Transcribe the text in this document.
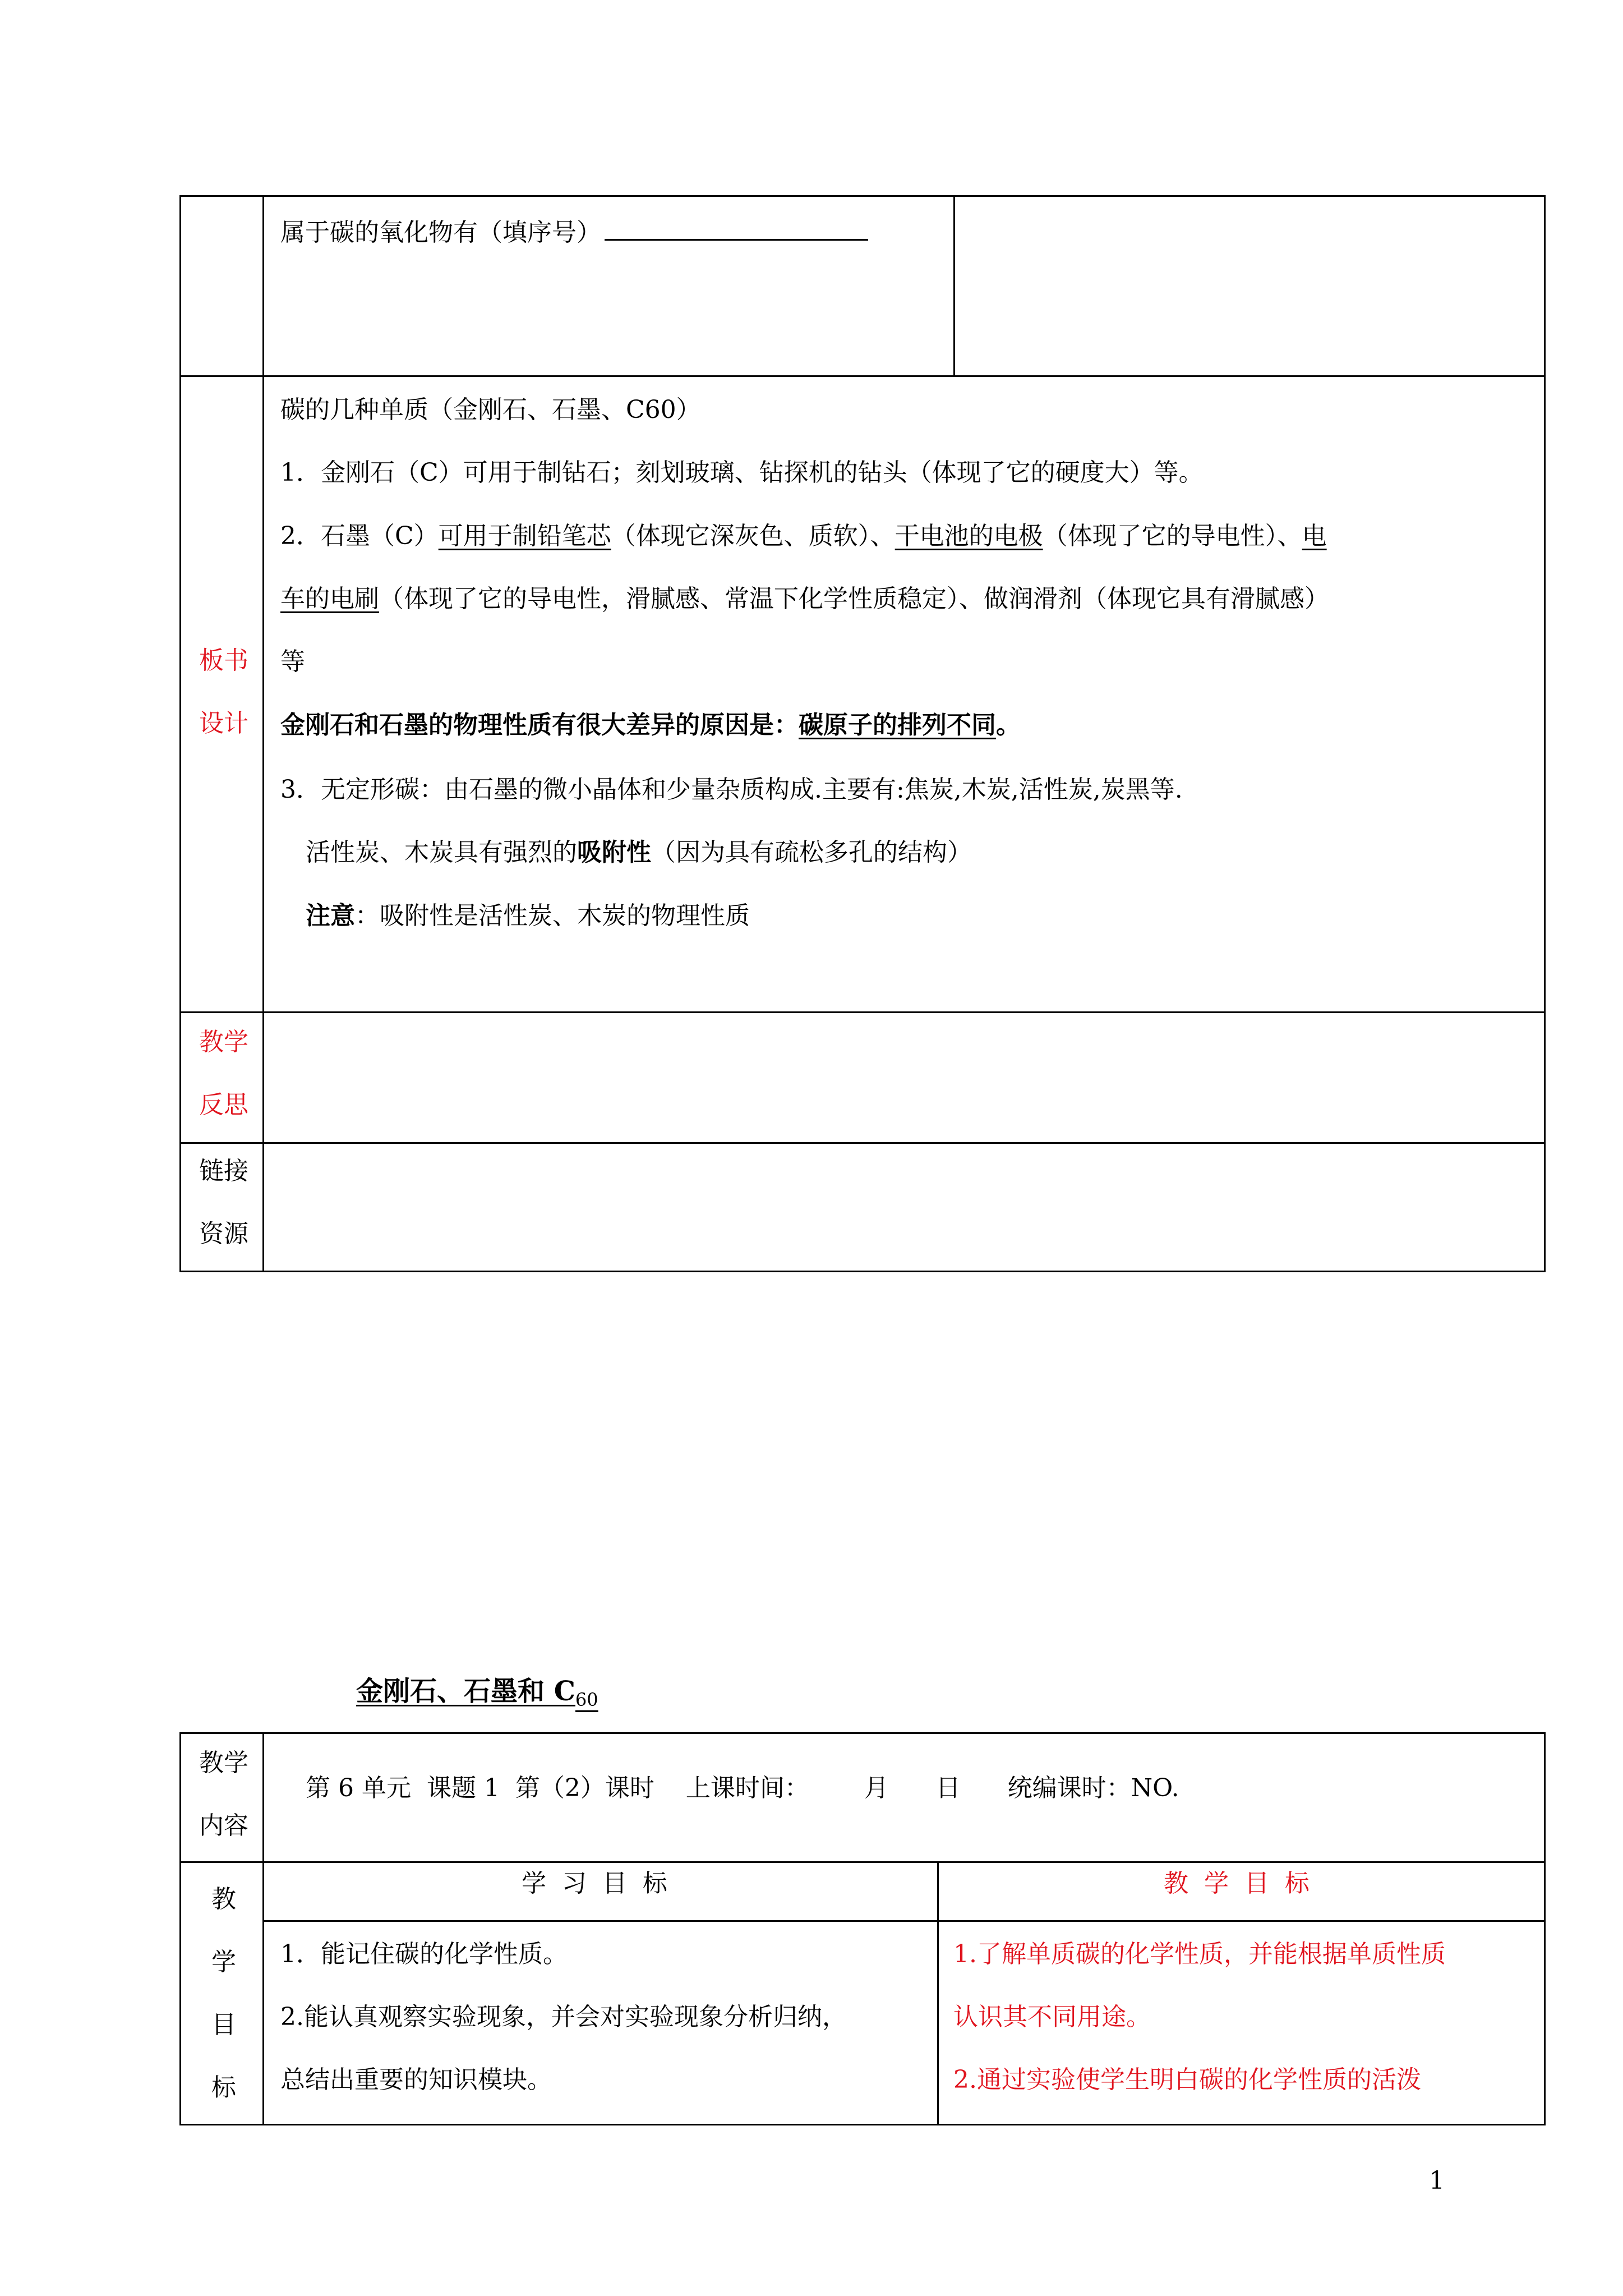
属于碳的氧化物有（填序号）
板书
设计
碳的几种单质（金刚石、石墨、C60）
1．金刚石（C）可用于制钻石；刻划玻璃、钻探机的钻头（体现了它的硬度大）等。
2．石墨（C）可用于制铅笔芯（体现它深灰色、质软）、干电池的电极（体现了它的导电性）、电
车的电刷（体现了它的导电性，滑腻感、常温下化学性质稳定）、做润滑剂（体现它具有滑腻感）
等
金刚石和石墨的物理性质有很大差异的原因是：碳原子的排列不同。
3．无定形碳：由石墨的微小晶体和少量杂质构成.主要有:焦炭,木炭,活性炭,炭黑等.
活性炭、木炭具有强烈的吸附性（因为具有疏松多孔的结构）
注意：吸附性是活性炭、木炭的物理性质
教学
反思
链接
资源
金刚石、石墨和 $C_{60}$
教学
内容
第 6 单元  课题 1  第（2）课时    上课时间：       月      日      统编课时：NO.
教
学
目
标
学  习  目  标	教  学  目  标
1．能记住碳的化学性质。
2.能认真观察实验现象，并会对实验现象分析归纳，
总结出重要的知识模块。
1.了解单质碳的化学性质，并能根据单质性质
认识其不同用途。
2.通过实验使学生明白碳的化学性质的活泼
1
